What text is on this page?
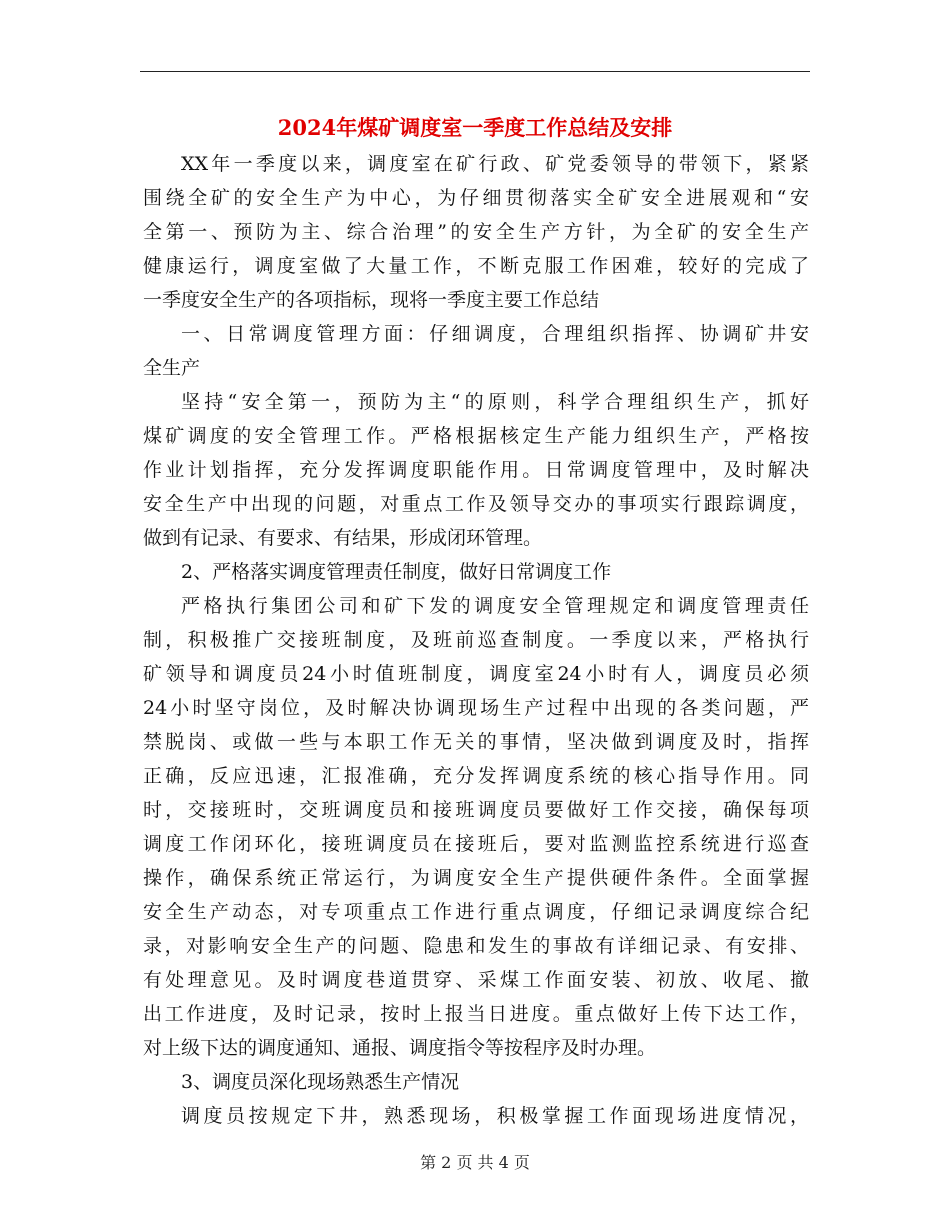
2024年煤矿调度室一季度工作总结及安排
XX年一季度以来，调度室在矿行政、矿党委领导的带领下，紧紧
围绕全矿的安全生产为中心，为仔细贯彻落实全矿安全进展观和“安
全第一、预防为主、综合治理”的安全生产方针，为全矿的安全生产
健康运行，调度室做了大量工作，不断克服工作困难，较好的完成了
一季度安全生产的各项指标，现将一季度主要工作总结
一、日常调度管理方面：仔细调度，合理组织指挥、协调矿井安
全生产
坚持“安全第一，预防为主“的原则，科学合理组织生产，抓好
煤矿调度的安全管理工作。严格根据核定生产能力组织生产，严格按
作业计划指挥，充分发挥调度职能作用。日常调度管理中，及时解决
安全生产中出现的问题，对重点工作及领导交办的事项实行跟踪调度，
做到有记录、有要求、有结果，形成闭环管理。
2、严格落实调度管理责任制度，做好日常调度工作
严格执行集团公司和矿下发的调度安全管理规定和调度管理责任
制，积极推广交接班制度，及班前巡查制度。一季度以来，严格执行
矿领导和调度员24小时值班制度，调度室24小时有人，调度员必须
24小时坚守岗位，及时解决协调现场生产过程中出现的各类问题，严
禁脱岗、或做一些与本职工作无关的事情，坚决做到调度及时，指挥
正确，反应迅速，汇报准确，充分发挥调度系统的核心指导作用。同
时，交接班时，交班调度员和接班调度员要做好工作交接，确保每项
调度工作闭环化，接班调度员在接班后，要对监测监控系统进行巡查
操作，确保系统正常运行，为调度安全生产提供硬件条件。全面掌握
安全生产动态，对专项重点工作进行重点调度，仔细记录调度综合纪
录，对影响安全生产的问题、隐患和发生的事故有详细记录、有安排、
有处理意见。及时调度巷道贯穿、采煤工作面安装、初放、收尾、撤
出工作进度，及时记录，按时上报当日进度。重点做好上传下达工作，
对上级下达的调度通知、通报、调度指令等按程序及时办理。
3、调度员深化现场熟悉生产情况
调度员按规定下井，熟悉现场，积极掌握工作面现场进度情况，
第 2 页 共 4 页
